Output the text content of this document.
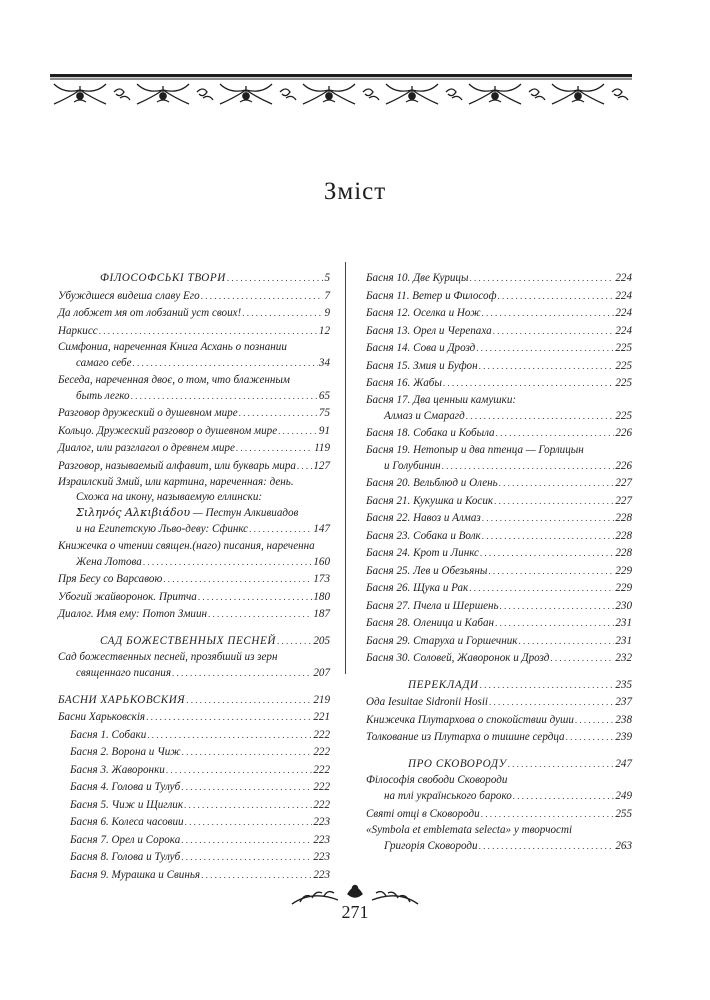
Зміст
ФІЛОСОФСЬКІ ТВОРИ . . .	5
Убуждшеся видеша славу Его . . .	7
Да лобжет мя от лобзаний уст своих! . . .	9
Наркисс . . .	12
Симфониа, нареченная Книга Асхань о познании
самаго себе . . .	34
Беседа, нареченная двоє, о том, что блаженным
быть легко . . .	65
Разговор дружеский о душевном мире . . .	75
Кольцо. Дружеский разговор о душевном мире . . .	91
Диалог, или разглагол о древнем мире . . .	119
Разговор, называемый алфавит, или букварь мира . . . 127
Израилский Змий, или картина, нареченная: день.
Схожа на икону, называемую еллински:
Σιληνός Αλκιβιάδου — Пестун Алкивиадов
и на Египетскую Льво-деву: Сфинкс . . .	147
Книжечка о чтении священ.(наго) писания, нареченна
Жена Лотова . . .	160
Пря Бесу со Варсавою . . .	173
Убогий жайворонок. Притча . . .	180
Диалог. Имя ему: Потоп Змиин . . .	187
САД БОЖЕСТВЕННЫХ ПЕСНЕЙ . . .	205
Сад божественных песней, прозябший из зерн
священнаго писания . . .	207
БАСНИ ХАРЬКОВСКИЯ . . .	219
Басни Харьковскія . . .	221
Басня 1. Собаки . . .	222
Басня 2. Ворона и Чиж . . .	222
Басня 3. Жаворонки . . .	222
Басня 4. Голова и Тулуб . . .	222
Басня 5. Чиж и Щиглик . . .	222
Басня 6. Колеса часовии . . .	223
Басня 7. Орел и Сорока . . .	223
Басня 8. Голова и Тулуб . . .	223
Басня 9. Мурашка и Свинья . . .	223
Басня 10. Две Курицы . . .	224
Басня 11. Ветер и Философ . . .	224
Басня 12. Оселка и Нож . . .	224
Басня 13. Орел и Черепаха . . .	224
Басня 14. Сова и Дрозд . . .	225
Басня 15. Змия и Буфон . . .	225
Басня 16. Жабы . . .	225
Басня 17. Два ценныи камушки:
Алмаз и Смарагд . . .	225
Басня 18. Собака и Кобыла . . .	226
Басня 19. Нетопыр и два птенца — Горлицын
и Голубинин . . .	226
Басня 20. Вельблюд и Олень . . .	227
Басня 21. Кукушка и Косик . . .	227
Басня 22. Навоз и Алмаз . . .	228
Басня 23. Собака и Волк . . .	228
Басня 24. Крот и Линкс . . .	228
Басня 25. Лев и Обезьяны . . .	229
Басня 26. Щука и Рак . . .	229
Басня 27. Пчела и Шершень . . .	230
Басня 28. Оленица и Кабан . . .	231
Басня 29. Старуха и Горшечник . . .	231
Басня 30. Соловей, Жаворонок и Дрозд . . .	232
ПЕРЕКЛАДИ . . .	235
Ода Iesuitae Sidronii Hosii . . .	237
Книжечка Плутархова о спокойствии души . . .	238
Толкование из Плутарха о тишине сердца . . .	239
ПРО СКОВОРОДУ . . .	247
Філософія свободи Сковороди
на тлі українського бароко . . .	249
Святі отці в Сковороди . . .	255
«Symbola et emblemata selecta» у творчості
Григорія Сковороди . . .	263
271
